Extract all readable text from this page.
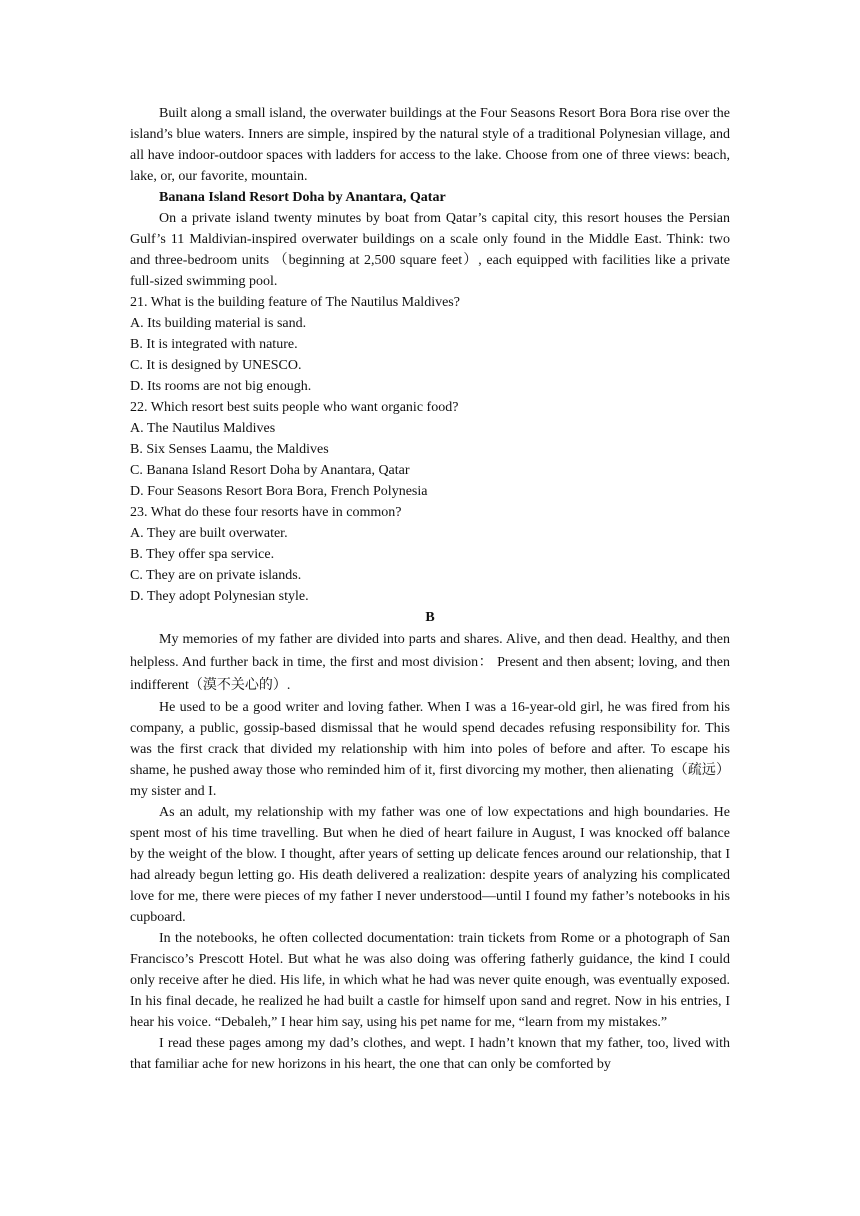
Built along a small island, the overwater buildings at the Four Seasons Resort Bora Bora rise over the island’s blue waters. Inners are simple, inspired by the natural style of a traditional Polynesian village, and all have indoor-outdoor spaces with ladders for access to the lake. Choose from one of three views: beach, lake, or, our favorite, mountain.

Banana Island Resort Doha by Anantara, Qatar

On a private island twenty minutes by boat from Qatar’s capital city, this resort houses the Persian Gulf’s 11 Maldivian-inspired overwater buildings on a scale only found in the Middle East. Think: two and three-bedroom units （beginning at 2,500 square feet）, each equipped with facilities like a private full-sized swimming pool.

21. What is the building feature of The Nautilus Maldives?

A. Its building material is sand.

B. It is integrated with nature.

C. It is designed by UNESCO.

D. Its rooms are not big enough.

22. Which resort best suits people who want organic food?

A. The Nautilus Maldives

B. Six Senses Laamu, the Maldives

C. Banana Island Resort Doha by Anantara, Qatar

D. Four Seasons Resort Bora Bora, French Polynesia

23. What do these four resorts have in common?

A. They are built overwater.

B. They offer spa service.

C. They are on private islands.

D. They adopt Polynesian style.

B

My memories of my father are divided into parts and shares. Alive, and then dead. Healthy, and then helpless. And further back in time, the first and most division： Present and then absent; loving, and then indifferent（漠不关心的）.

He used to be a good writer and loving father. When I was a 16-year-old girl, he was fired from his company, a public, gossip-based dismissal that he would spend decades refusing responsibility for. This was the first crack that divided my relationship with him into poles of before and after. To escape his shame, he pushed away those who reminded him of it, first divorcing my mother, then alienating（疏远）my sister and I.

As an adult, my relationship with my father was one of low expectations and high boundaries. He spent most of his time travelling. But when he died of heart failure in August, I was knocked off balance by the weight of the blow. I thought, after years of setting up delicate fences around our relationship, that I had already begun letting go. His death delivered a realization: despite years of analyzing his complicated love for me, there were pieces of my father I never understood—until I found my father’s notebooks in his cupboard.

In the notebooks, he often collected documentation: train tickets from Rome or a photograph of San Francisco’s Prescott Hotel. But what he was also doing was offering fatherly guidance, the kind I could only receive after he died. His life, in which what he had was never quite enough, was eventually exposed. In his final decade, he realized he had built a castle for himself upon sand and regret. Now in his entries, I hear his voice. “Debaleh,” I hear him say, using his pet name for me, “learn from my mistakes.”

I read these pages among my dad’s clothes, and wept. I hadn’t known that my father, too, lived with that familiar ache for new horizons in his heart, the one that can only be comforted by
